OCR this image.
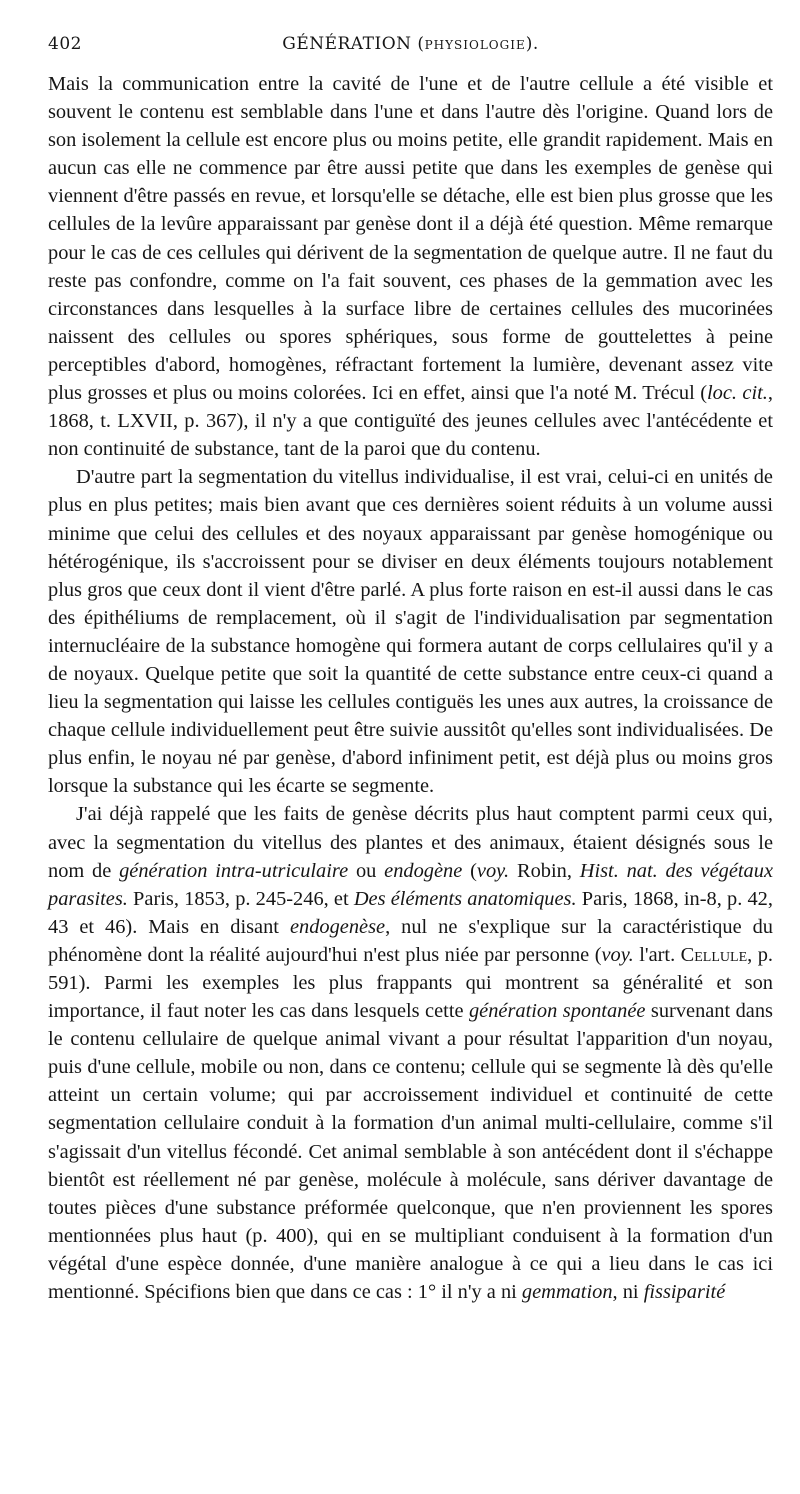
402	GÉNÉRATION (PHYSIOLOGIE).

Mais la communication entre la cavité de l'une et de l'autre cellule a été visible et souvent le contenu est semblable dans l'une et dans l'autre dès l'origine. Quand lors de son isolement la cellule est encore plus ou moins petite, elle grandit rapidement. Mais en aucun cas elle ne commence par être aussi petite que dans les exemples de genèse qui viennent d'être passés en revue, et lorsqu'elle se détache, elle est bien plus grosse que les cellules de la levûre apparaissant par genèse dont il a déjà été question. Même remarque pour le cas de ces cellules qui dérivent de la segmentation de quelque autre. Il ne faut du reste pas confondre, comme on l'a fait souvent, ces phases de la gemmation avec les circonstances dans lesquelles à la surface libre de certaines cellules des mucorinées naissent des cellules ou spores sphériques, sous forme de gouttelettes à peine perceptibles d'abord, homogènes, réfractant fortement la lumière, devenant assez vite plus grosses et plus ou moins colorées. Ici en effet, ainsi que l'a noté M. Trécul (loc. cit., 1868, t. LXVII, p. 367), il n'y a que contiguïté des jeunes cellules avec l'antécédente et non continuité de substance, tant de la paroi que du contenu.

D'autre part la segmentation du vitellus individualise, il est vrai, celui-ci en unités de plus en plus petites; mais bien avant que ces dernières soient réduits à un volume aussi minime que celui des cellules et des noyaux apparaissant par genèse homogénique ou hétérogénique, ils s'accroissent pour se diviser en deux éléments toujours notablement plus gros que ceux dont il vient d'être parlé. A plus forte raison en est-il aussi dans le cas des épithéliums de remplacement, où il s'agit de l'individualisation par segmentation internucléaire de la substance homogène qui formera autant de corps cellulaires qu'il y a de noyaux. Quelque petite que soit la quantité de cette substance entre ceux-ci quand a lieu la segmentation qui laisse les cellules contiguës les unes aux autres, la croissance de chaque cellule individuellement peut être suivie aussitôt qu'elles sont individualisées. De plus enfin, le noyau né par genèse, d'abord infiniment petit, est déjà plus ou moins gros lorsque la substance qui les écarte se segmente.

J'ai déjà rappelé que les faits de genèse décrits plus haut comptent parmi ceux qui, avec la segmentation du vitellus des plantes et des animaux, étaient désignés sous le nom de génération intra-utriculaire ou endogène (voy. Robin, Hist. nat. des végétaux parasites. Paris, 1853, p. 245-246, et Des éléments anatomiques. Paris, 1868, in-8, p. 42, 43 et 46). Mais en disant endogenèse, nul ne s'explique sur la caractéristique du phénomène dont la réalité aujourd'hui n'est plus niée par personne (voy. l'art. Cellule, p. 591). Parmi les exemples les plus frappants qui montrent sa généralité et son importance, il faut noter les cas dans lesquels cette génération spontanée survenant dans le contenu cellulaire de quelque animal vivant a pour résultat l'apparition d'un noyau, puis d'une cellule, mobile ou non, dans ce contenu; cellule qui se segmente là dès qu'elle atteint un certain volume; qui par accroissement individuel et continuité de cette segmentation cellulaire conduit à la formation d'un animal multi-cellulaire, comme s'il s'agissait d'un vitellus fécondé. Cet animal semblable à son antécédent dont il s'échappe bientôt est réellement né par genèse, molécule à molécule, sans dériver davantage de toutes pièces d'une substance préformée quelconque, que n'en proviennent les spores mentionnées plus haut (p. 400), qui en se multipliant conduisent à la formation d'un végétal d'une espèce donnée, d'une manière analogue à ce qui a lieu dans le cas ici mentionné. Spécifions bien que dans ce cas : 1° il n'y a ni gemmation, ni fissiparité
